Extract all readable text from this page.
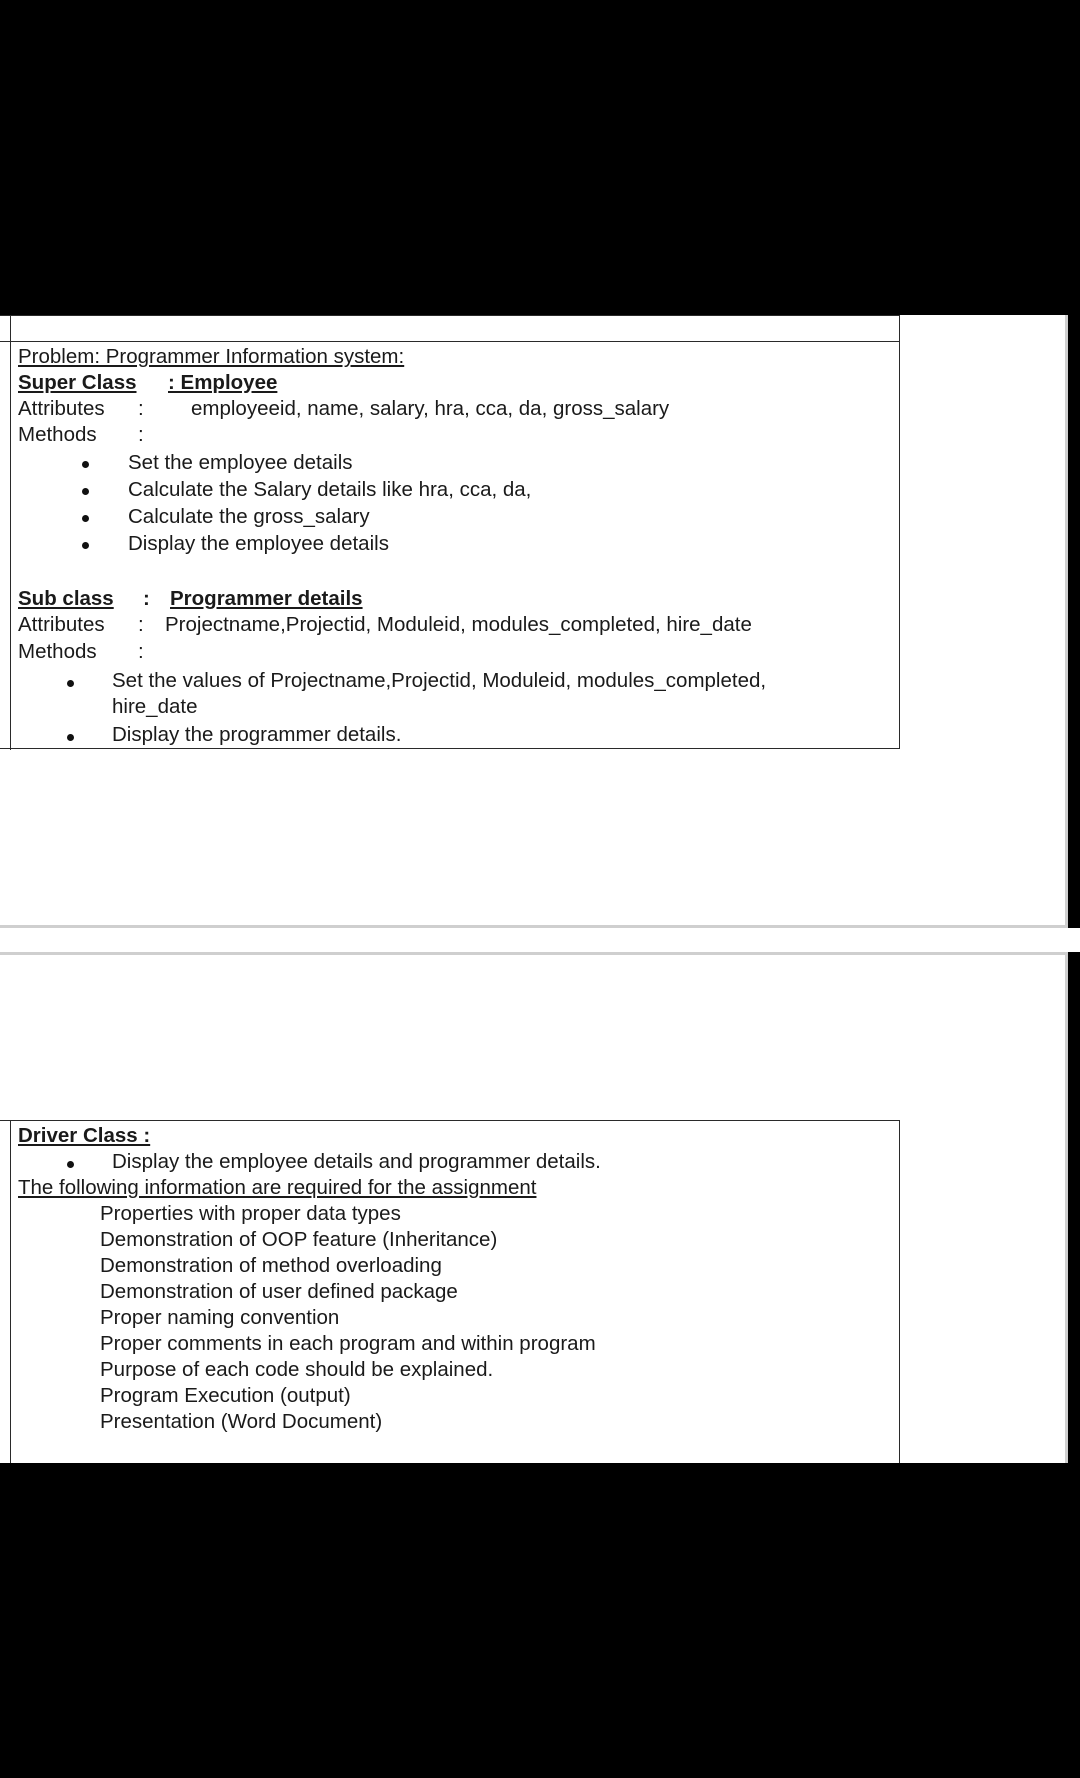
Problem: Programmer Information system:
Super Class : Employee
Attributes : employeeid, name, salary, hra, cca, da, gross_salary
Methods :
Set the employee details
Calculate the Salary details like hra, cca, da,
Calculate the gross_salary
Display the employee details
Sub class : Programmer details
Attributes : Projectname,Projectid, Moduleid, modules_completed, hire_date
Methods :
Set the values of Projectname,Projectid, Moduleid, modules_completed,
hire_date
Display the programmer details.
Driver Class :
Display the employee details and programmer details.
The following information are required for the assignment
Properties with proper data types
Demonstration of OOP feature (Inheritance)
Demonstration of method overloading
Demonstration of user defined package
Proper naming convention
Proper comments in each program and within program
Purpose of each code should be explained.
Program Execution (output)
Presentation (Word Document)
